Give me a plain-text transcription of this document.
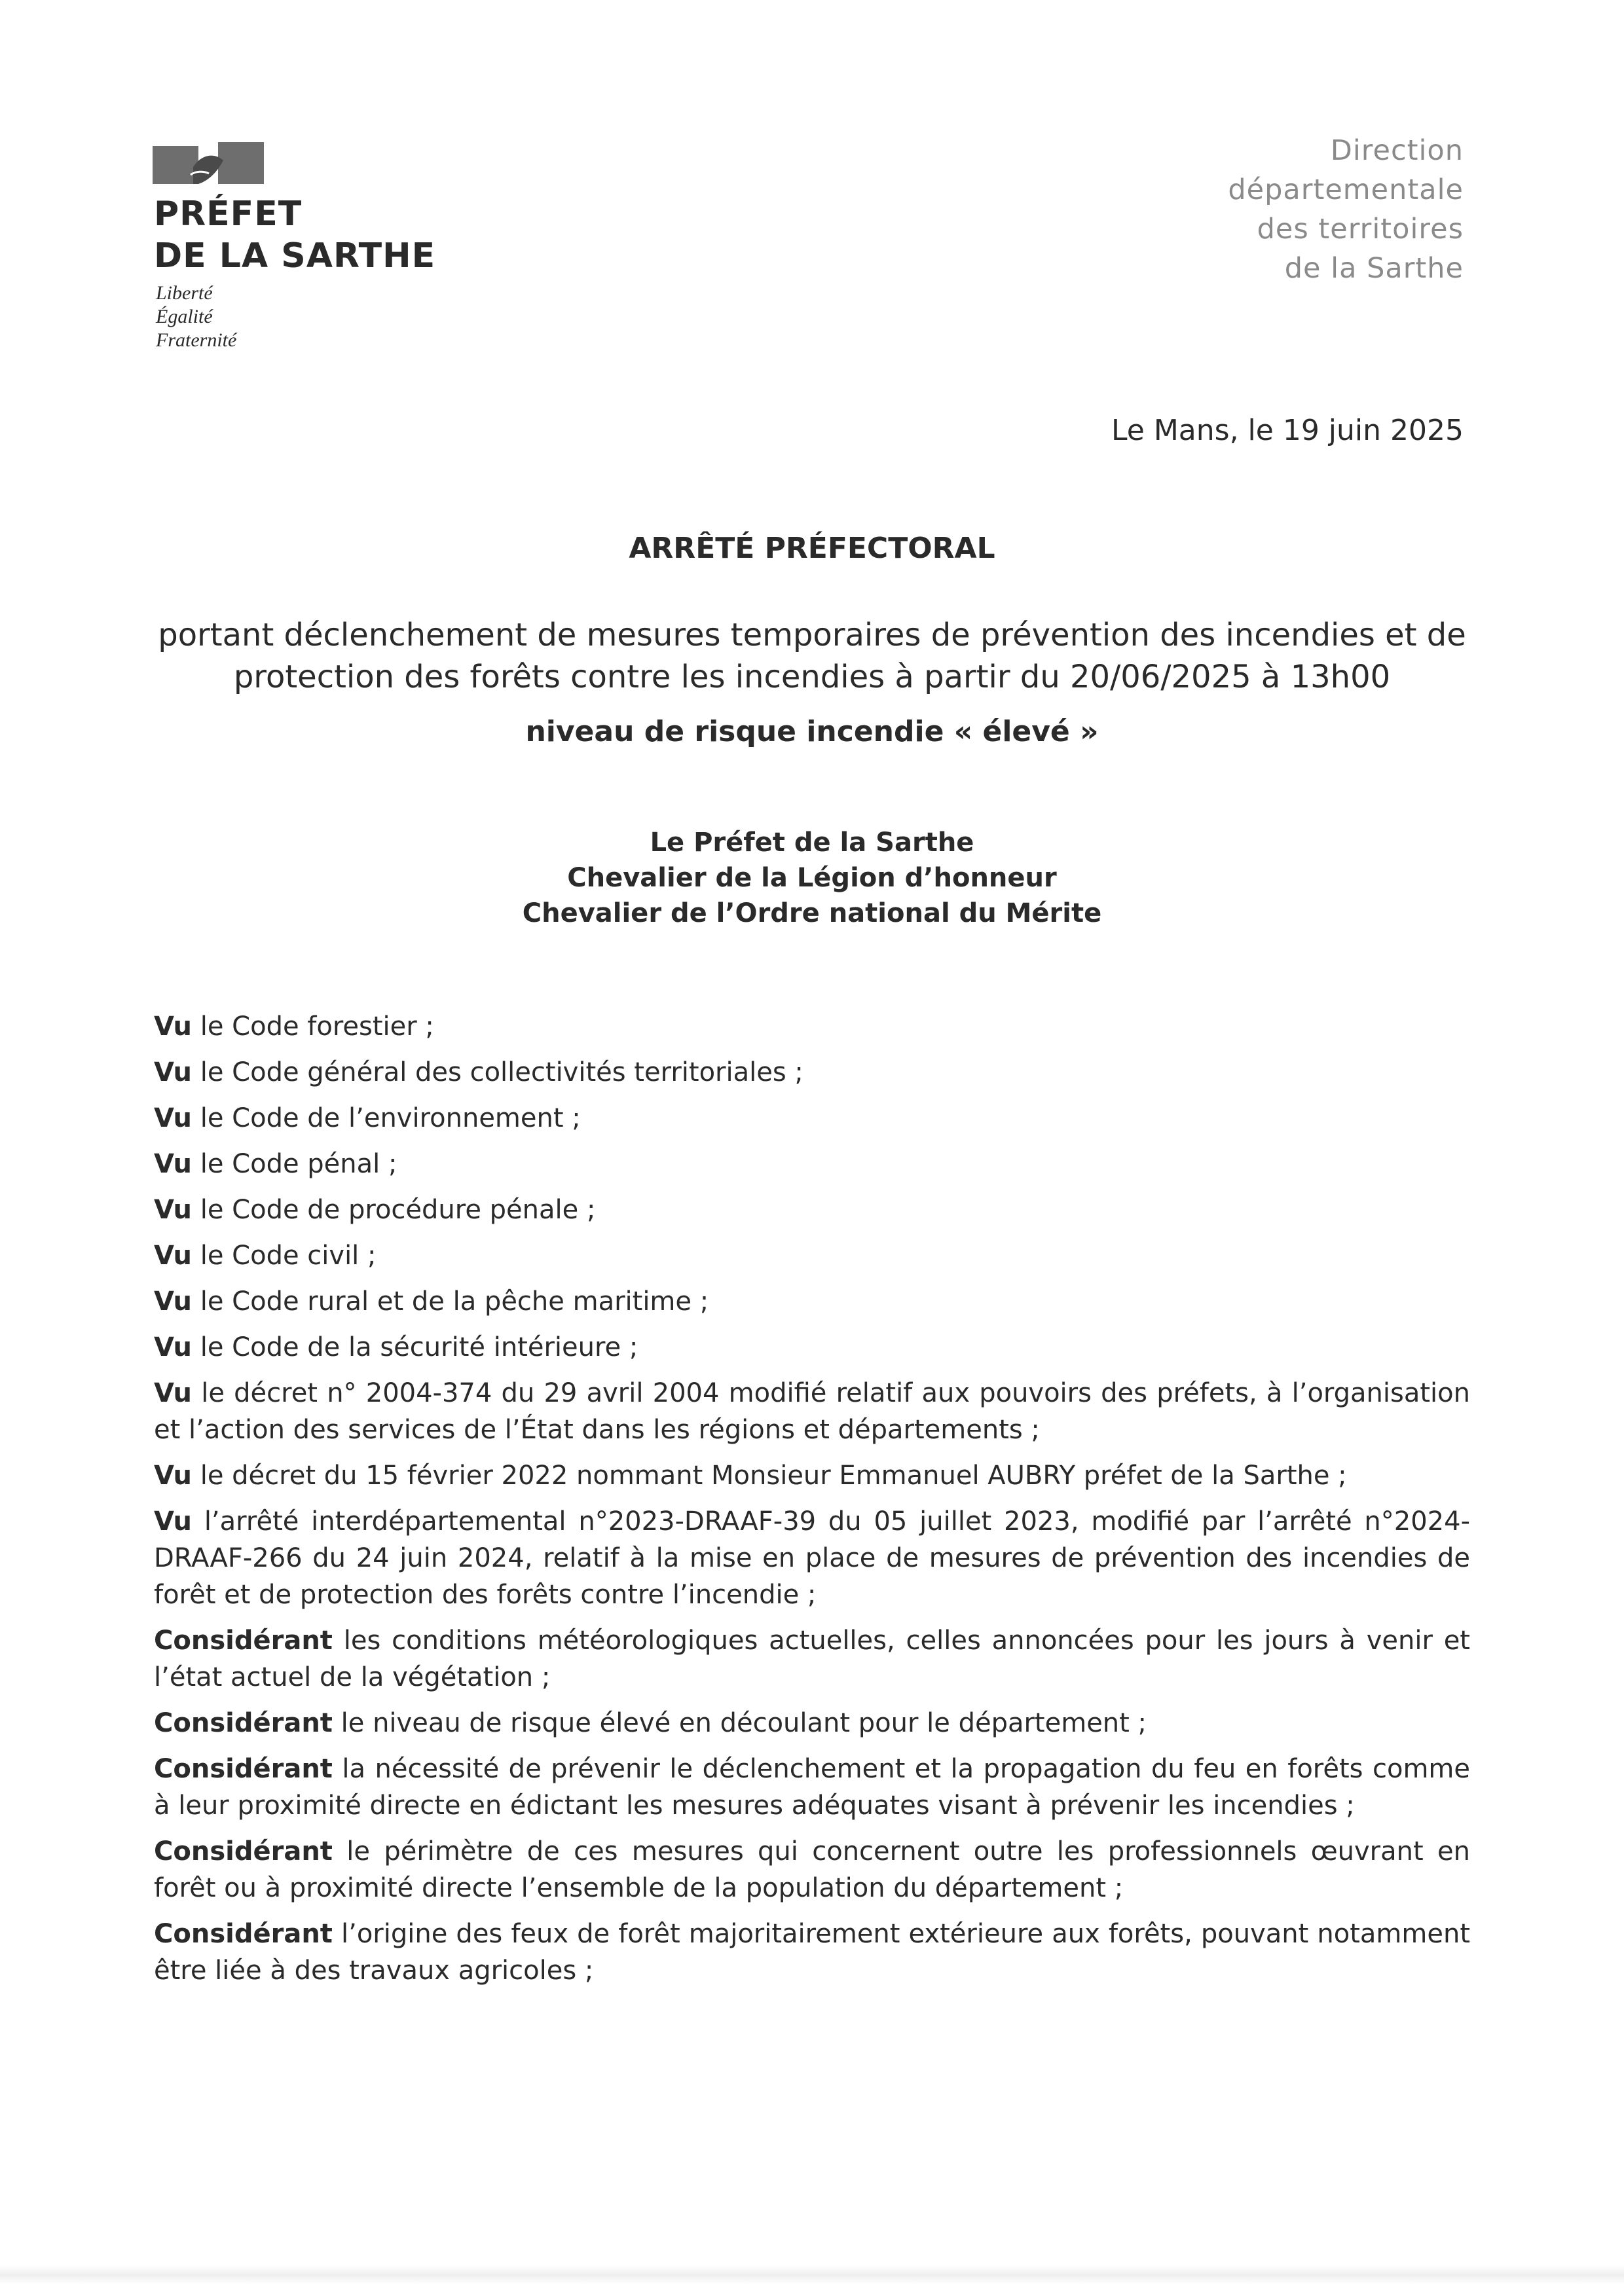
PRÉFET
DE LA SARTHE
Liberté
Égalité
Fraternité
Direction
départementale
des territoires
de la Sarthe
Le Mans, le 19 juin 2025
ARRÊTÉ PRÉFECTORAL
portant déclenchement de mesures temporaires de prévention des incendies et de
protection des forêts contre les incendies à partir du 20/06/2025 à 13h00
niveau de risque incendie « élevé »
Le Préfet de la Sarthe
Chevalier de la Légion d’honneur
Chevalier de l’Ordre national du Mérite

Vu le Code forestier ;

Vu le Code général des collectivités territoriales ;

Vu le Code de l’environnement ;

Vu le Code pénal ;

Vu le Code de procédure pénale ;

Vu le Code civil ;

Vu le Code rural et de la pêche maritime ;

Vu le Code de la sécurité intérieure ;

Vu le décret n° 2004-374 du 29 avril 2004 modifié relatif aux pouvoirs des préfets, à l’organisation et l’action des services de l’État dans les régions et départements ;

Vu le décret du 15 février 2022 nommant Monsieur Emmanuel AUBRY préfet de la Sarthe ;

Vu l’arrêté interdépartemental n°2023-DRAAF-39 du 05 juillet 2023, modifié par l’arrêté n°2024-DRAAF-266 du 24 juin 2024, relatif à la mise en place de mesures de prévention des incendies de forêt et de protection des forêts contre l’incendie ;

Considérant les conditions météorologiques actuelles, celles annoncées pour les jours à venir et l’état actuel de la végétation ;

Considérant le niveau de risque élevé en découlant pour le département ;

Considérant la nécessité de prévenir le déclenchement et la propagation du feu en forêts comme à leur proximité directe en édictant les mesures adéquates visant à prévenir les incendies ;

Considérant le périmètre de ces mesures qui concernent outre les professionnels œuvrant en forêt ou à proximité directe l’ensemble de la population du département ;

Considérant l’origine des feux de forêt majoritairement extérieure aux forêts, pouvant notamment être liée à des travaux agricoles ;
